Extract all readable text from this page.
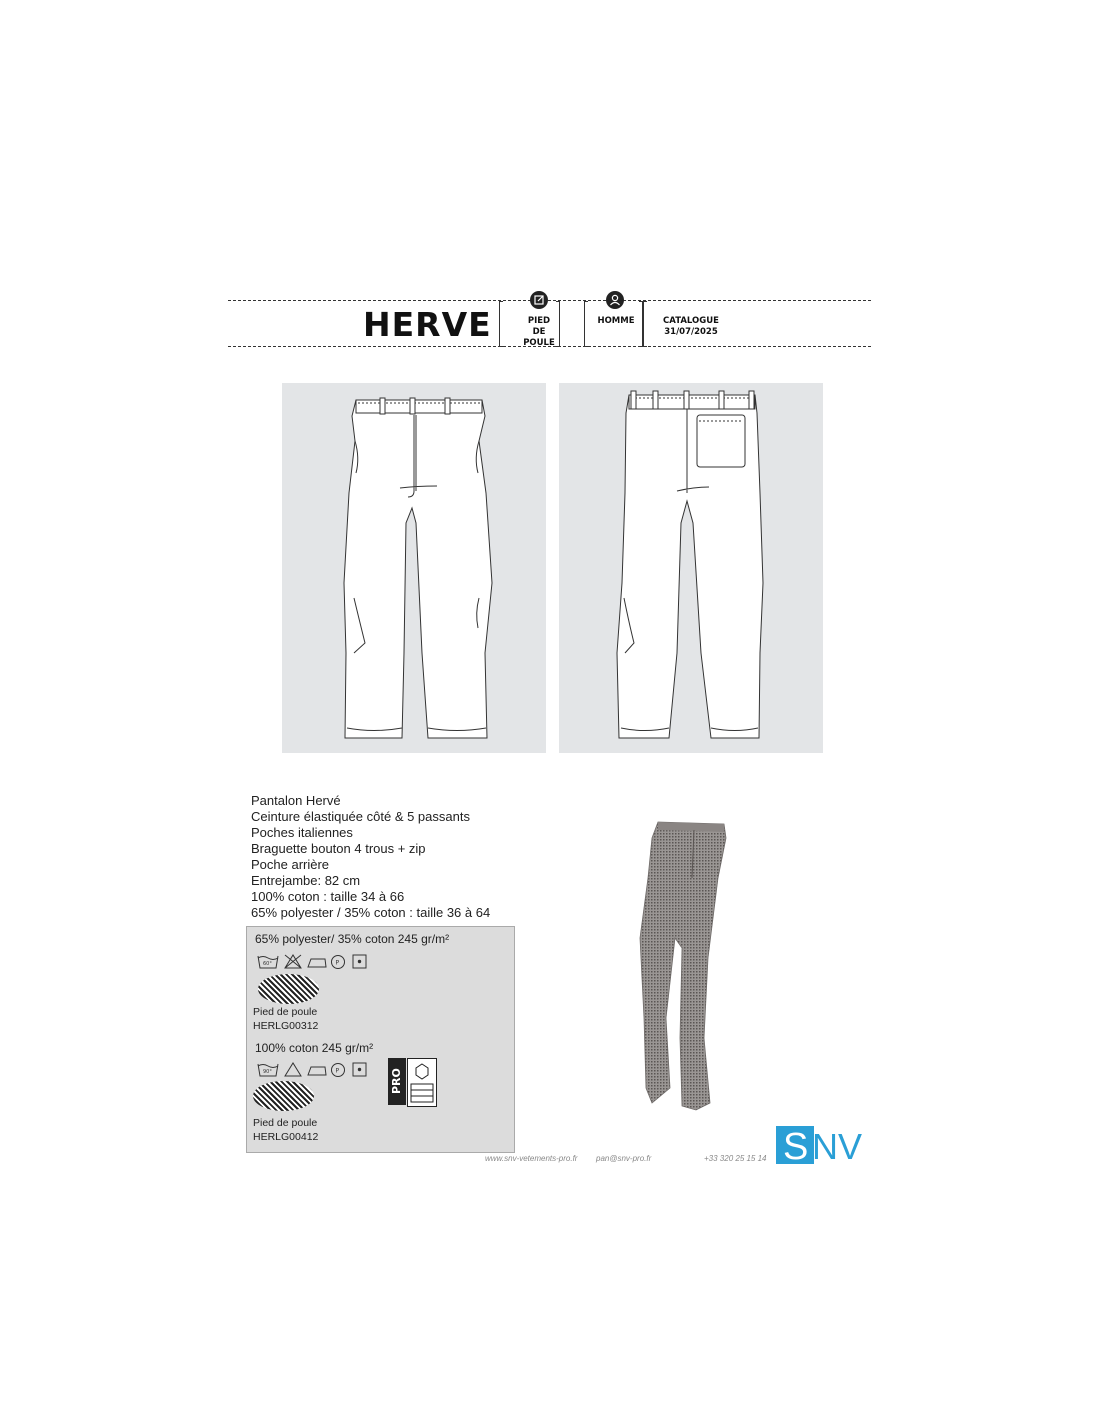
HERVE	PIED
DE
POULE
HOMME	CATALOGUE
31/07/2025
Pantalon Hervé
Ceinture élastiquée côté & 5 passants
Poches italiennes
Braguette bouton 4 trous + zip
Poche arrière
Entrejambe: 82 cm
100% coton : taille 34 à 66
65% polyester / 35% coton : taille 36 à 64
65% polyester/ 35% coton 245 gr/m²
60°	P
Pied de poule
HERLG00312
100% coton 245 gr/m²
90°	P
Pied de poule
HERLG00412
PRO
www.snv-vetements-pro.fr pan@snv-pro.fr	+33 320 25 15 14 S NV
